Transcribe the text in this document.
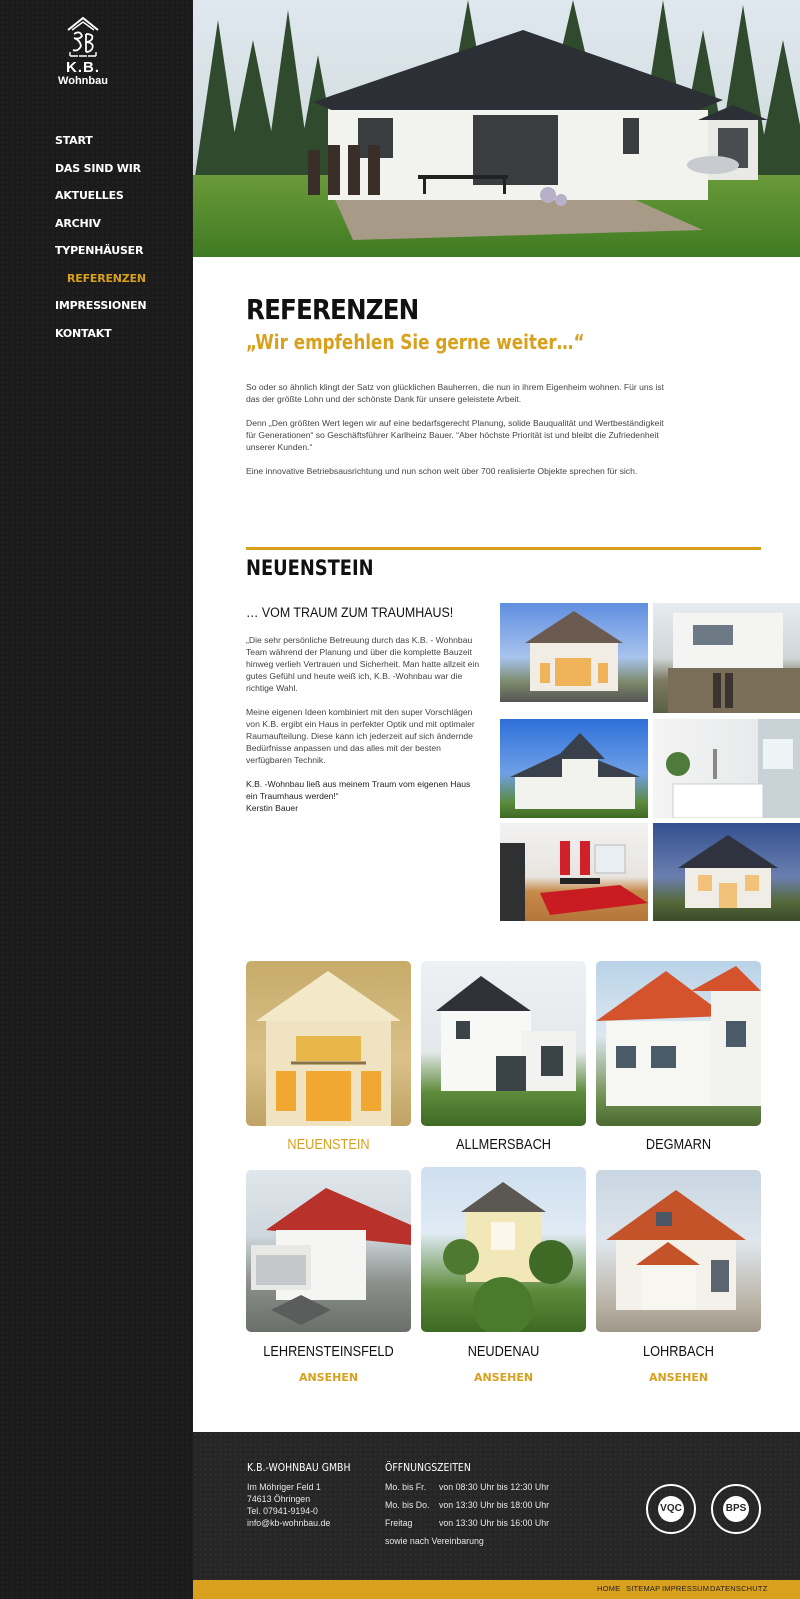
K.B.
Wohnbau
START
DAS SIND WIR
AKTUELLES
ARCHIV
TYPENHÄUSER
REFERENZEN
IMPRESSIONEN
KONTAKT
REFERENZEN
„Wir empfehlen Sie gerne weiter…“

So oder so ähnlich klingt der Satz von glücklichen Bauherren, die nun in ihrem Eigenheim wohnen. Für uns ist das der größte Lohn und der schönste Dank für unsere geleistete Arbeit.

Denn „Den größten Wert legen wir auf eine bedarfsgerecht Planung, solide Bauqualität und Wertbeständigkeit für Generationen“ so Geschäftsführer Karlheinz Bauer. “Aber höchste Priorität ist und bleibt die Zufriedenheit unserer Kunden.“

Eine innovative Betriebsausrichtung und nun schon weit über 700 realisierte Objekte sprechen für sich.

NEUENSTEIN
… VOM TRAUM ZUM TRAUMHAUS!

„Die sehr persönliche Betreuung durch das K.B. - Wohnbau Team während der Planung und über die komplette Bauzeit hinweg verlieh Vertrauen und Sicherheit. Man hatte allzeit ein gutes Gefühl und heute weiß ich, K.B. -Wohnbau war die richtige Wahl.

Meine eigenen Ideen kombiniert mit den super Vorschlägen von K.B. ergibt ein Haus in perfekter Optik und mit optimaler Raumaufteilung. Diese kann ich jederzeit auf sich ändernde Bedürfnisse anpassen und das alles mit der besten verfügbaren Technik.

K.B. -Wohnbau ließ aus meinem Traum vom eigenen Haus ein Traumhaus werden!“
Kerstin Bauer
NEUENSTEIN	ALLMERSBACH	DEGMARN
LEHRENSTEINSFELD
ANSEHEN
NEUDENAU
ANSEHEN
LOHRBACH
ANSEHEN
K.B.-WOHNBAU GMBH
Im Möhriger Feld 1
74613 Öhringen
Tel. 07941-9194-0
info@kb-wohnbau.de
ÖFFNUNGSZEITEN
Mo. bis Fr. von 08:30 Uhr bis 12:30 Uhr
Mo. bis Do. von 13:30 Uhr bis 18:00 Uhr
Freitag	von 13:30 Uhr bis 16:00 Uhr
sowie nach Vereinbarung
VQC	BPS
HOME SITEMAP IMPRESSUM DATENSCHUTZ
